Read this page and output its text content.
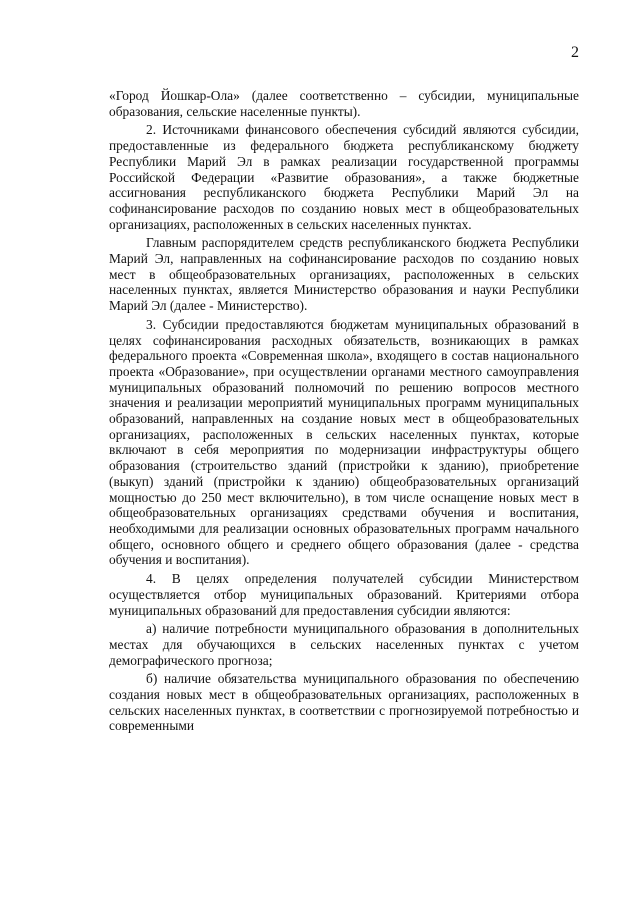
2

«Город Йошкар-Ола» (далее соответственно – субсидии, муниципальные образования, сельские населенные пункты).

2. Источниками финансового обеспечения субсидий являются субсидии, предоставленные из федерального бюджета республиканскому бюджету Республики Марий Эл в рамках реализации государственной программы Российской Федерации «Развитие образования», а также бюджетные ассигнования республиканского бюджета Республики Марий Эл на софинансирование расходов по созданию новых мест в общеобразовательных организациях, расположенных в сельских населенных пунктах.

Главным распорядителем средств республиканского бюджета Республики Марий Эл, направленных на софинансирование расходов по созданию новых мест в общеобразовательных организациях, расположенных в сельских населенных пунктах, является Министерство образования и науки Республики Марий Эл (далее - Министерство).

3. Субсидии предоставляются бюджетам муниципальных образований в целях софинансирования расходных обязательств, возникающих в рамках федерального проекта «Современная школа», входящего в состав национального проекта «Образование», при осуществлении органами местного самоуправления муниципальных образований полномочий по решению вопросов местного значения и реализации мероприятий муниципальных программ муниципальных образований, направленных на создание новых мест в общеобразовательных организациях, расположенных в сельских населенных пунктах, которые включают в себя мероприятия по модернизации инфраструктуры общего образования (строительство зданий (пристройки к зданию), приобретение (выкуп) зданий (пристройки к зданию) общеобразовательных организаций мощностью до 250 мест включительно), в том числе оснащение новых мест в общеобразовательных организациях средствами обучения и воспитания, необходимыми для реализации основных образовательных программ начального общего, основного общего и среднего общего образования (далее - средства обучения и воспитания).

4. В целях определения получателей субсидии Министерством осуществляется отбор муниципальных образований. Критериями отбора муниципальных образований для предоставления субсидии являются:

а) наличие потребности муниципального образования в дополнительных местах для обучающихся в сельских населенных пунктах с учетом демографического прогноза;

б) наличие обязательства муниципального образования по обеспечению создания новых мест в общеобразовательных организациях, расположенных в сельских населенных пунктах, в соответствии с прогнозируемой потребностью и современными
